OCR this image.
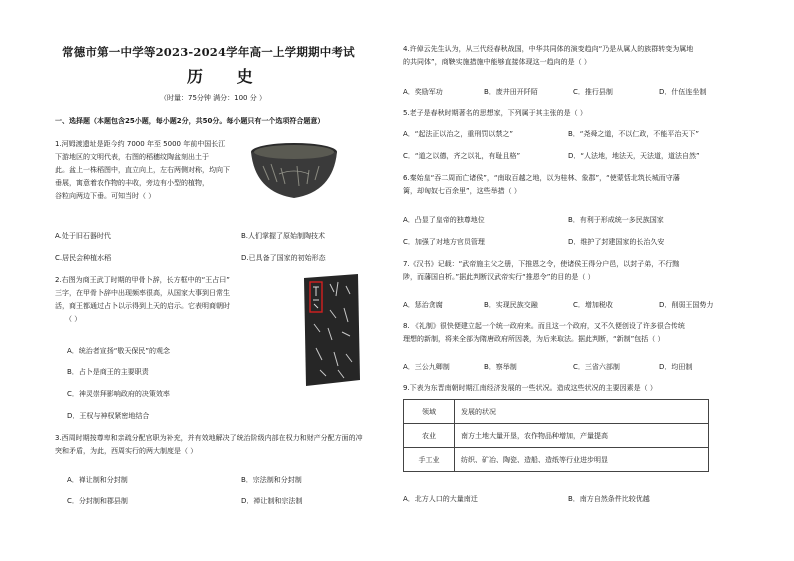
常德市第一中学等2023-2024学年高一上学期期中考试
历 史
（时量：75分钟 满分：100 分 ）
一、选择题（本题包含25小题，每小题2分，共50分。每小题只有一个选项符合题意）
1.河姆渡遗址是距今约 7000 年至 5000 年前中国长江
下游地区的文明代表，右图的稻穗纹陶盆刻出土于
此。盆上一株稻图中，直立向上，左右两侧对称，均向下
垂展，寓意着农作物的丰收，旁边有小型的植物，
谷粒向两边下垂。可知当时（ ）
A.处于旧石器时代	B.人们掌握了原始制陶技术
C.居民会种植水稻	D.已具备了国家的初始形态
2.右图为商王武丁时期的甲骨卜辞，长方框中的“王占曰”
三字，在甲骨卜辞中出现频率很高，从国家大事到日常生
活，商王都通过占卜以示得到上天的启示。它表明商朝时
（ ）
A．统治者宣扬“敬天保民”的观念
B．占卜是商王的主要职责
C．神灵崇拜影响政府的决策效率
D．王权与神权紧密地结合
3.西周时期按尊卑和亲疏分配官职为补充，并有效地解决了统治阶级内部在权力和财产分配方面的冲
突和矛盾，为此，西周实行的两大制度是（ ）
A．禅让制和分封制	B．宗法制和分封制
C．分封制和郡县制	D．禅让制和宗法制
4.许倬云先生认为，从三代经春秋战国，中华共同体的演变趋向“乃是从属人的族群转变为属地
的共同体”，商鞅实施措施中能够直接体现这一趋向的是（ ）
A．奖励军功	B．废井田开阡陌	C．推行县制	D．什伍连坐制
5.老子是春秋时期著名的思想家，下列属于其主张的是（ ）
A．“起法正以治之，重刑罚以禁之”	B．“尧舜之道，不以仁政，不能平治天下”
C．“道之以德，齐之以礼，有耻且格”	D．“人法地，地法天，天法道，道法自然”
6.秦始皇“吞二周而亡诸侯”，“南取百越之地，以为桂林、象郡”，“使蒙恬北筑长城而守藩
篱，却匈奴七百余里”，这些举措（ ）
A．凸显了皇帝的独尊地位	B．有利于形成统一多民族国家
C．加强了对地方官员管理	D．维护了封建国家的长治久安
7.《汉书》记载：“武帝施主父之册，下推恩之令，使诸侯王得分户邑，以封子弟，不行黜
陟，而藩国自析。”据此判断汉武帝实行“推恩令”的目的是（ ）
A．惩治贪腐	B．实现民族交融	C．增加税收	D．削弱王国势力
8. 《礼制》很快便建立起一个统一政府来。而且这一个政府，又不久便创设了许多很合传统
理想的新制，将来全部为隋唐政府所因袭，为后来取法。据此判断，“新制”包括（ ）
A．三公九卿制	B．察举制	C．三省六部制	D．均田制
9.下表为东晋南朝时期江南经济发展的一些状况。造成这些状况的主要因素是（ ）
领域	发展的状况
农业	南方土地大量开垦，农作物品种增加，产量提高
手工业	纺织、矿冶、陶瓷、造船、造纸等行业进步明显
A．北方人口的大量南迁	B．南方自然条件比较优越
